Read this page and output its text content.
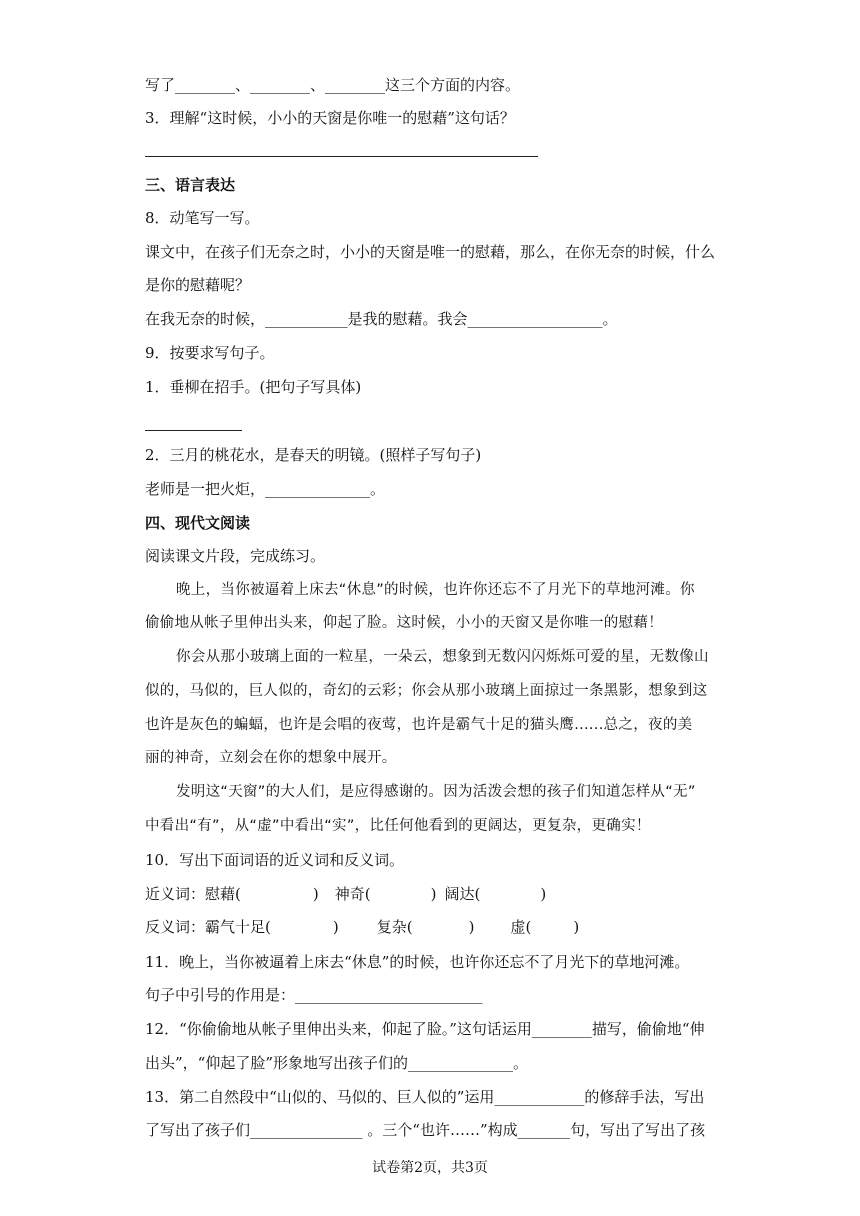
写了________、________、________这三个方面的内容。
3．理解“这时候，小小的天窗是你唯一的慰藉”这句话？
三、语言表达
8．动笔写一写。
课文中，在孩子们无奈之时，小小的天窗是唯一的慰藉，那么，在你无奈的时候，什么
是你的慰藉呢？
在我无奈的时候，___________是我的慰藉。我会__________________。
9．按要求写句子。
1．垂柳在招手。(把句子写具体)
2．三月的桃花水，是春天的明镜。(照样子写句子)
老师是一把火炬，______________。
四、现代文阅读
阅读课文片段，完成练习。
晚上，当你被逼着上床去“休息”的时候，也许你还忘不了月光下的草地河滩。你
偷偷地从帐子里伸出头来，仰起了脸。这时候，小小的天窗又是你唯一的慰藉！
你会从那小玻璃上面的一粒星，一朵云，想象到无数闪闪烁烁可爱的星，无数像山
似的，马似的，巨人似的，奇幻的云彩；你会从那小玻璃上面掠过一条黑影，想象到这
也许是灰色的蝙蝠，也许是会唱的夜莺，也许是霸气十足的猫头鹰......总之，夜的美
丽的神奇，立刻会在你的想象中展开。
发明这“天窗”的大人们，是应得感谢的。因为活泼会想的孩子们知道怎样从“无”
中看出“有”，从“虚”中看出“实”，比任何他看到的更阔达，更复杂，更确实！
10．写出下面词语的近义词和反义词。
近义词：慰藉(	) 神奇(	) 阔达(	)
反义词：霸气十足(	)	复杂(	) 虚(	)
11．晚上，当你被逼着上床去“休息”的时候，也许你还忘不了月光下的草地河滩。
句子中引号的作用是：_________________________
12．“你偷偷地从帐子里伸出头来，仰起了脸。”这句话运用________描写，偷偷地“伸
出头”，“仰起了脸”形象地写出孩子们的______________。
13．第二自然段中“山似的、马似的、巨人似的”运用____________的修辞手法，写出
了写出了孩子们_______________ 。三个“也许……”构成_______句，写出了写出了孩
试卷第2页，共3页
